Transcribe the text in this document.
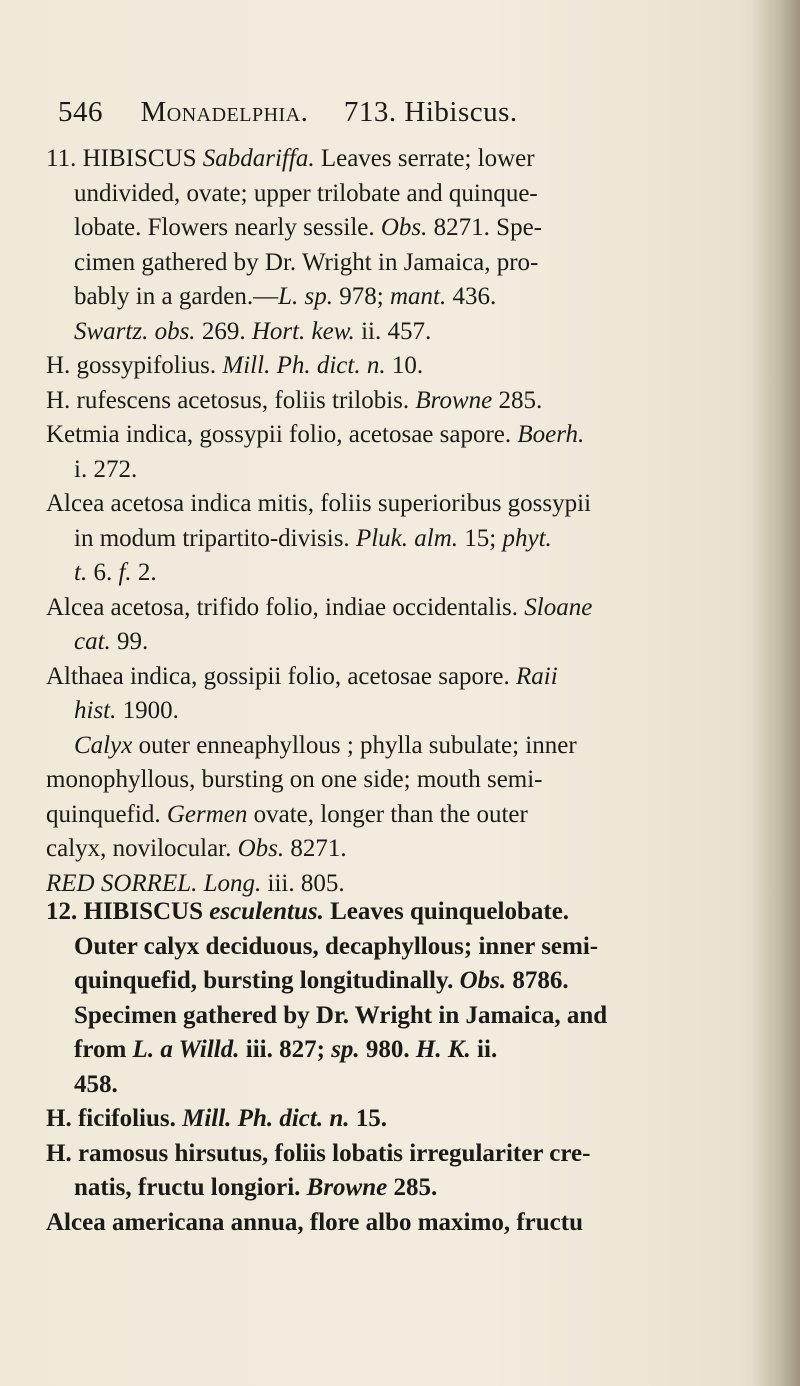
546 Monadelphia. 713. Hibiscus.
11. HIBISCUS Sabdariffa. Leaves serrate; lower
undivided, ovate; upper trilobate and quinque-
lobate. Flowers nearly sessile. Obs. 8271. Spe-
cimen gathered by Dr. Wright in Jamaica, pro-
bably in a garden.—L. sp. 978; mant. 436.
Swartz. obs. 269. Hort. kew. ii. 457.
H. gossypifolius. Mill. Ph. dict. n. 10.
H. rufescens acetosus, foliis trilobis. Browne 285.
Ketmia indica, gossypii folio, acetosae sapore. Boerh.
i. 272.
Alcea acetosa indica mitis, foliis superioribus gossypii
in modum tripartito-divisis. Pluk. alm. 15; phyt.
t. 6. f. 2.
Alcea acetosa, trifido folio, indiae occidentalis. Sloane
cat. 99.
Althaea indica, gossipii folio, acetosae sapore. Raii
hist. 1900.
Calyx outer enneaphyllous ; phylla subulate; inner
monophyllous, bursting on one side; mouth semi-
quinquefid. Germen ovate, longer than the outer
calyx, novilocular. Obs. 8271.
RED SORREL. Long. iii. 805.
12. HIBISCUS esculentus. Leaves quinquelobate.
Outer calyx deciduous, decaphyllous; inner semi-
quinquefid, bursting longitudinally. Obs. 8786.
Specimen gathered by Dr. Wright in Jamaica, and
from L. a Willd. iii. 827; sp. 980. H. K. ii.
458.
H. ficifolius. Mill. Ph. dict. n. 15.
H. ramosus hirsutus, foliis lobatis irregulariter cre-
natis, fructu longiori. Browne 285.
Alcea americana annua, flore albo maximo, fructu
